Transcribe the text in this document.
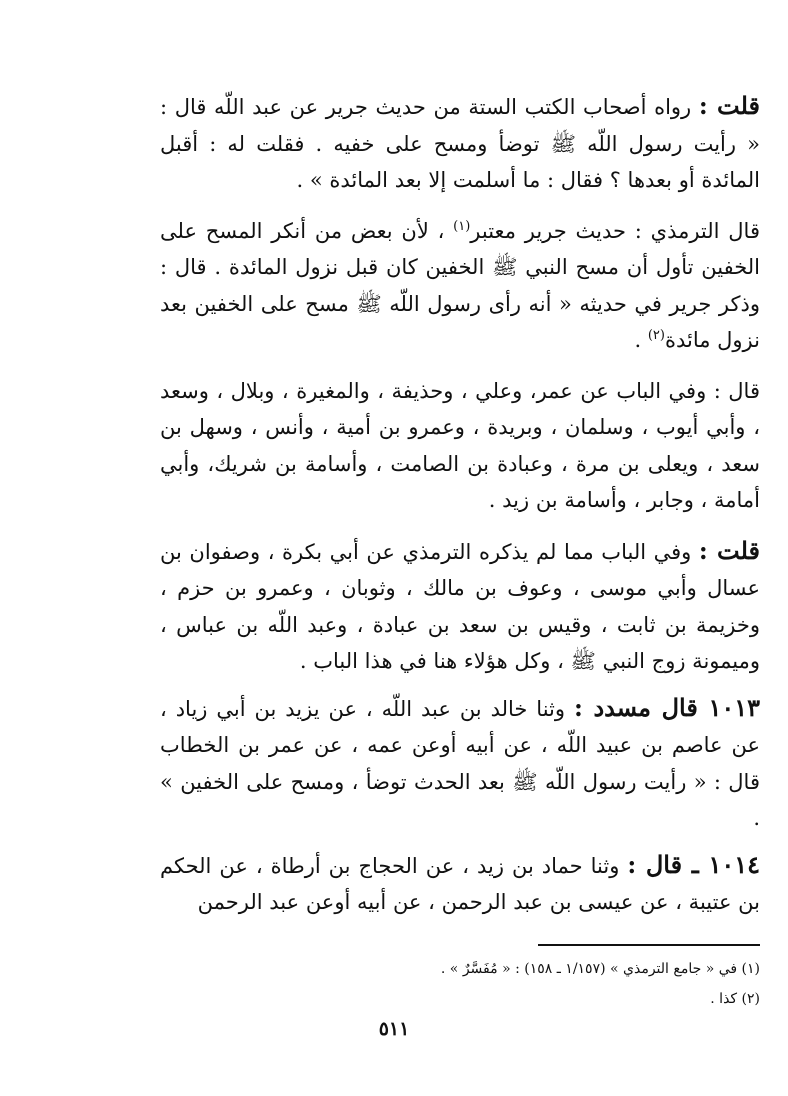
قلت : رواه أصحاب الكتب الستة من حديث جرير عن عبد اللّه قال : « رأيت رسول اللّه ﷺ توضأ ومسح على خفيه . فقلت له : أقبل المائدة أو بعدها ؟ فقال : ما أسلمت إلا بعد المائدة » .

قال الترمذي : حديث جرير معتبر$^{(١)}$ ، لأن بعض من أنكر المسح على الخفين تأول أن مسح النبي ﷺ الخفين كان قبل نزول المائدة . قال : وذكر جرير في حديثه « أنه رأى رسول اللّه ﷺ مسح على الخفين بعد نزول مائدة$^{(٢)}$ .

قال : وفي الباب عن عمر، وعلي ، وحذيفة ، والمغيرة ، وبلال ، وسعد ، وأبي أيوب ، وسلمان ، وبريدة ، وعمرو بن أمية ، وأنس ، وسهل بن سعد ، ويعلى بن مرة ، وعبادة بن الصامت ، وأسامة بن شريك، وأبي أمامة ، وجابر ، وأسامة بن زيد .

قلت : وفي الباب مما لم يذكره الترمذي عن أبي بكرة ، وصفوان بن عسال وأبي موسى ، وعوف بن مالك ، وثوبان ، وعمرو بن حزم ، وخزيمة بن ثابت ، وقيس بن سعد بن عبادة ، وعبد اللّه بن عباس ، وميمونة زوج النبي ﷺ ، وكل هؤلاء هنا في هذا الباب .

١٠١٣ قال مسدد : وثنا خالد بن عبد اللّه ، عن يزيد بن أبي زياد ، عن عاصم بن عبيد اللّه ، عن أبيه أوعن عمه ، عن عمر بن الخطاب قال : « رأيت رسول اللّه ﷺ بعد الحدث توضأ ، ومسح على الخفين » .

١٠١٤ ـ قال : وثنا حماد بن زيد ، عن الحجاج بن أرطاة ، عن الحكم بن عتيبة ، عن عيسى بن عبد الرحمن ، عن أبيه أوعن عبد الرحمن

(١) في « جامع الترمذي » (١/١٥٧ ـ ١٥٨) : « مُفَسَّرٌ » .
(٢) كذا .
٥١١
